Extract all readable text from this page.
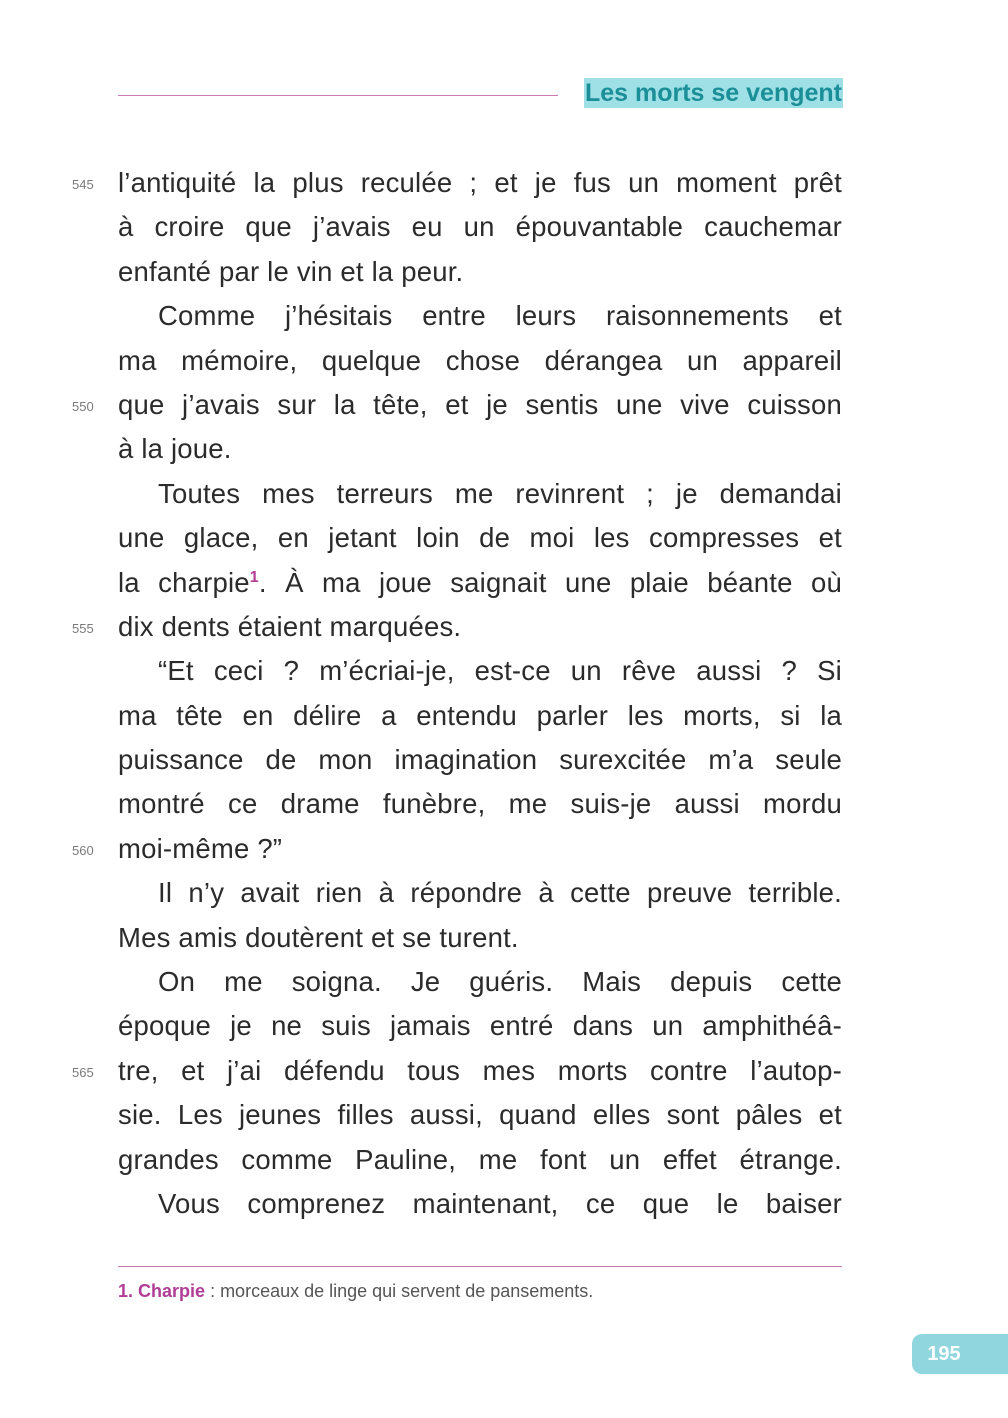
Les morts se vengent
545 l’antiquité la plus reculée ; et je fus un moment prêt
à croire que j’avais eu un épouvantable cauchemar
enfanté par le vin et la peur.
Comme j’hésitais entre leurs raisonnements et
ma mémoire, quelque chose dérangea un appareil
550 que j’avais sur la tête, et je sentis une vive cuisson
à la joue.
Toutes mes terreurs me revinrent ; je demandai
une glace, en jetant loin de moi les compresses et
la charpie$^1$. À ma joue saignait une plaie béante où
555 dix dents étaient marquées.
“Et ceci ? m’écriai-je, est-ce un rêve aussi ? Si
ma tête en délire a entendu parler les morts, si la
puissance de mon imagination surexcitée m’a seule
montré ce drame funèbre, me suis-je aussi mordu
560 moi-même ?”
Il n’y avait rien à répondre à cette preuve terrible.
Mes amis doutèrent et se turent.
On me soigna. Je guéris. Mais depuis cette
époque je ne suis jamais entré dans un amphithéâ-
565 tre, et j’ai défendu tous mes morts contre l’autop-
sie. Les jeunes filles aussi, quand elles sont pâles et
grandes comme Pauline, me font un effet étrange.
Vous comprenez maintenant, ce que le baiser
1. Charpie : morceaux de linge qui servent de pansements.
195
